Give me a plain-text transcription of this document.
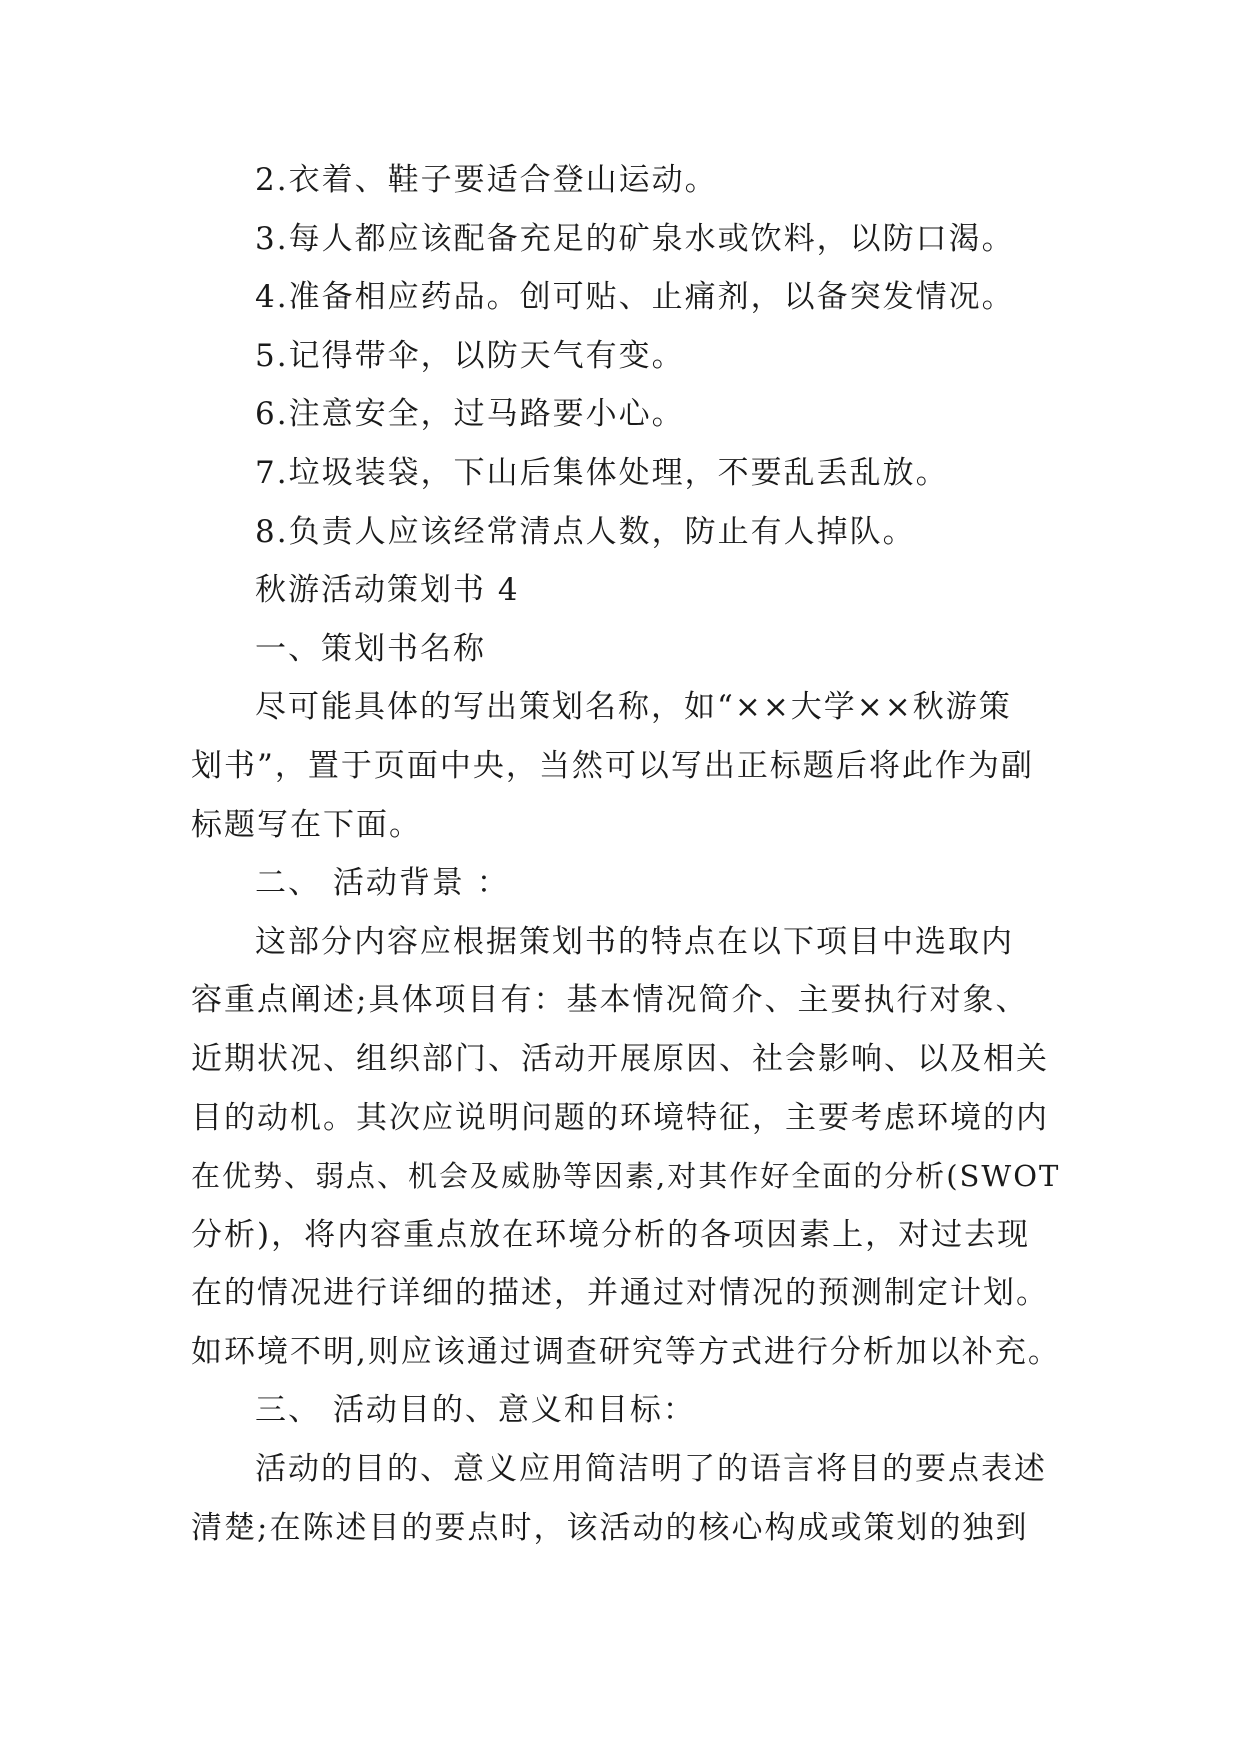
2.衣着、鞋子要适合登山运动。
3.每人都应该配备充足的矿泉水或饮料，以防口渴。
4.准备相应药品。创可贴、止痛剂，以备突发情况。
5.记得带伞，以防天气有变。
6.注意安全，过马路要小心。
7.垃圾装袋，下山后集体处理，不要乱丢乱放。
8.负责人应该经常清点人数，防止有人掉队。
秋游活动策划书 4
一、策划书名称
尽可能具体的写出策划名称，如“××大学××秋游策
划书”，置于页面中央，当然可以写出正标题后将此作为副
标题写在下面。
二、 活动背景 ：
这部分内容应根据策划书的特点在以下项目中选取内
容重点阐述;具体项目有：基本情况简介、主要执行对象、
近期状况、组织部门、活动开展原因、社会影响、以及相关
目的动机。其次应说明问题的环境特征，主要考虑环境的内
在优势、弱点、机会及威胁等因素,对其作好全面的分析(SWOT
分析)，将内容重点放在环境分析的各项因素上，对过去现
在的情况进行详细的描述，并通过对情况的预测制定计划。
如环境不明,则应该通过调查研究等方式进行分析加以补充。
三、 活动目的、意义和目标：
活动的目的、意义应用简洁明了的语言将目的要点表述
清楚;在陈述目的要点时，该活动的核心构成或策划的独到
